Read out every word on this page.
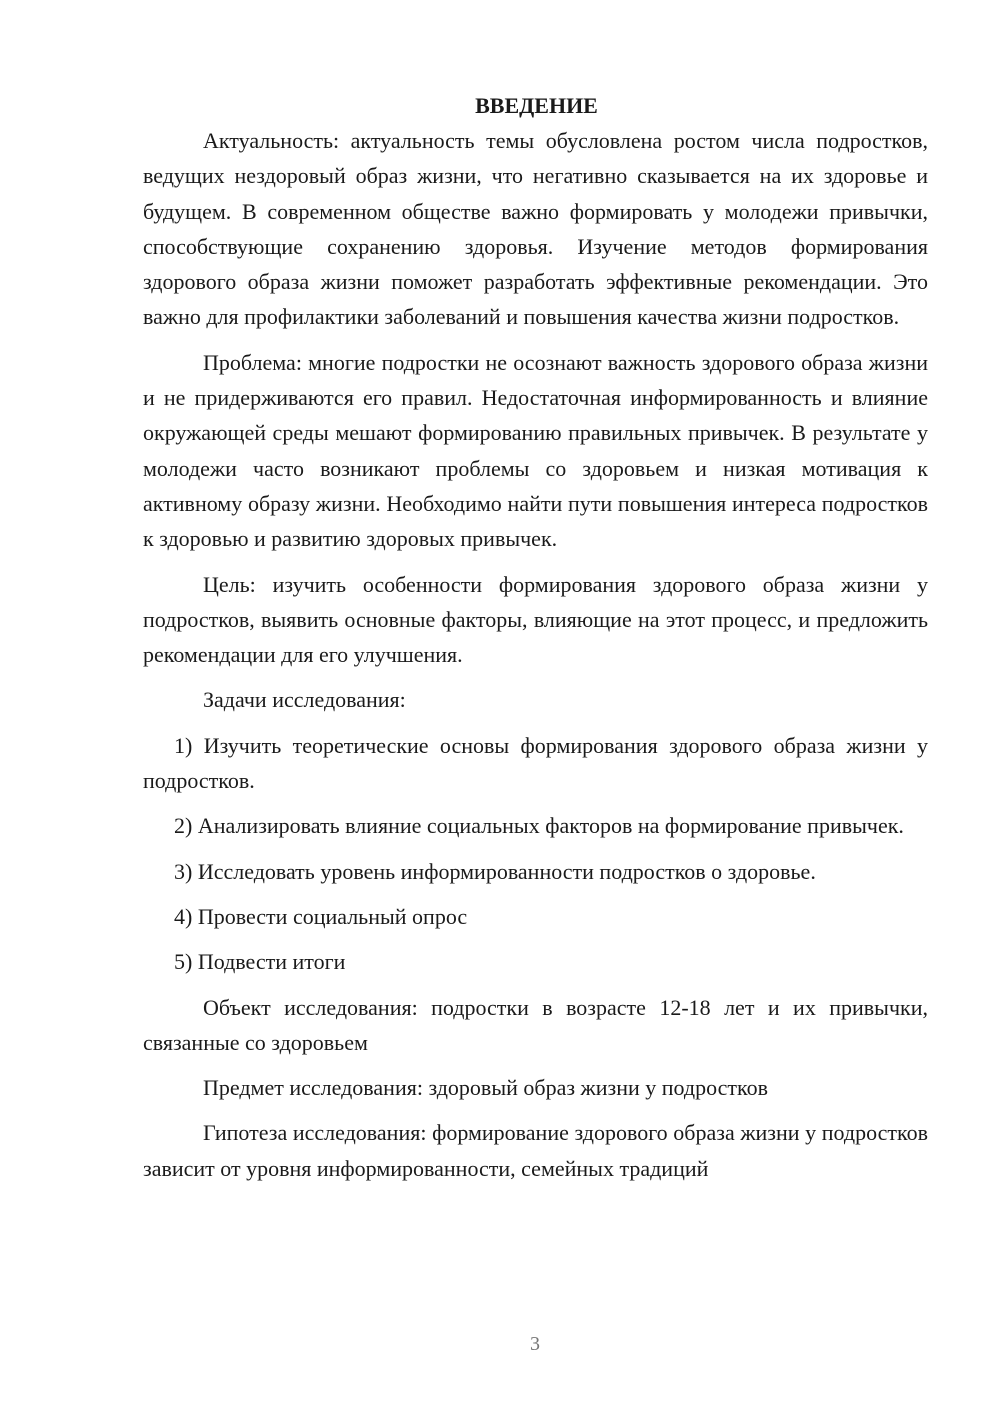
ВВЕДЕНИЕ

Актуальность: актуальность темы обусловлена ростом числа подростков, ведущих нездоровый образ жизни, что негативно сказывается на их здоровье и будущем. В современном обществе важно формировать у молодежи привычки, способствующие сохранению здоровья. Изучение методов формирования здорового образа жизни поможет разработать эффективные рекомендации. Это важно для профилактики заболеваний и повышения качества жизни подростков.

Проблема: многие подростки не осознают важность здорового образа жизни и не придерживаются его правил. Недостаточная информированность и влияние окружающей среды мешают формированию правильных привычек. В результате у молодежи часто возникают проблемы со здоровьем и низкая мотивация к активному образу жизни. Необходимо найти пути повышения интереса подростков к здоровью и развитию здоровых привычек.

Цель: изучить особенности формирования здорового образа жизни у подростков, выявить основные факторы, влияющие на этот процесс, и предложить рекомендации для его улучшения.

Задачи исследования:

1) Изучить теоретические основы формирования здорового образа жизни у подростков.

2) Анализировать влияние социальных факторов на формирование привычек.

3) Исследовать уровень информированности подростков о здоровье.

4) Провести социальный опрос

5) Подвести итоги

Объект исследования: подростки в возрасте 12-18 лет и их привычки, связанные со здоровьем

Предмет исследования: здоровый образ жизни у подростков

Гипотеза исследования: формирование здорового образа жизни у подростков зависит от уровня информированности, семейных традиций

3
